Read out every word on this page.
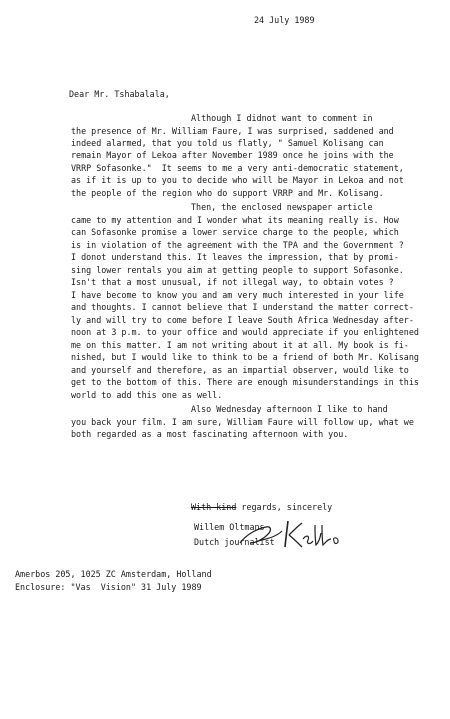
24 July 1989
Dear Mr. Tshabalala,
Although I didnot want to comment in
the presence of Mr. William Faure, I was surprised, saddened and
indeed alarmed, that you told us flatly, " Samuel Kolisang can
remain Mayor of Lekoa after November 1989 once he joins with the
VRRP Sofasonke."  It seems to me a very anti-democratic statement,
as if it is up to you to decide who will be Mayor in Lekoa and not
the people of the region who do support VRRP and Mr. Kolisang.
Then, the enclosed newspaper article
came to my attention and I wonder what its meaning really is. How
can Sofasonke promise a lower service charge to the people, which
is in violation of the agreement with the TPA and the Government ?
I donot understand this. It leaves the impression, that by promi-
sing lower rentals you aim at getting people to support Sofasonke.
Isn't that a most unusual, if not illegal way, to obtain votes ?
I have become to know you and am very much interested in your life
and thoughts. I cannot believe that I understand the matter correct-
ly and will try to come before I leave South Africa Wednesday after-
noon at 3 p.m. to your office and would appreciate if you enlightened
me on this matter. I am not writing about it at all. My book is fi-
nished, but I would like to think to be a friend of both Mr. Kolisang
and yourself and therefore, as an impartial observer, would like to
get to the bottom of this. There are enough misunderstandings in this
world to add this one as well.
Also Wednesday afternoon I like to hand
you back your film. I am sure, William Faure will follow up, what we
both regarded as a most fascinating afternoon with you.
With kind regards, sincerely
Willem Oltmans
Dutch journalist
Amerbos 205, 1025 ZC Amsterdam, Holland
Enclosure: "Vas  Vision" 31 July 1989
